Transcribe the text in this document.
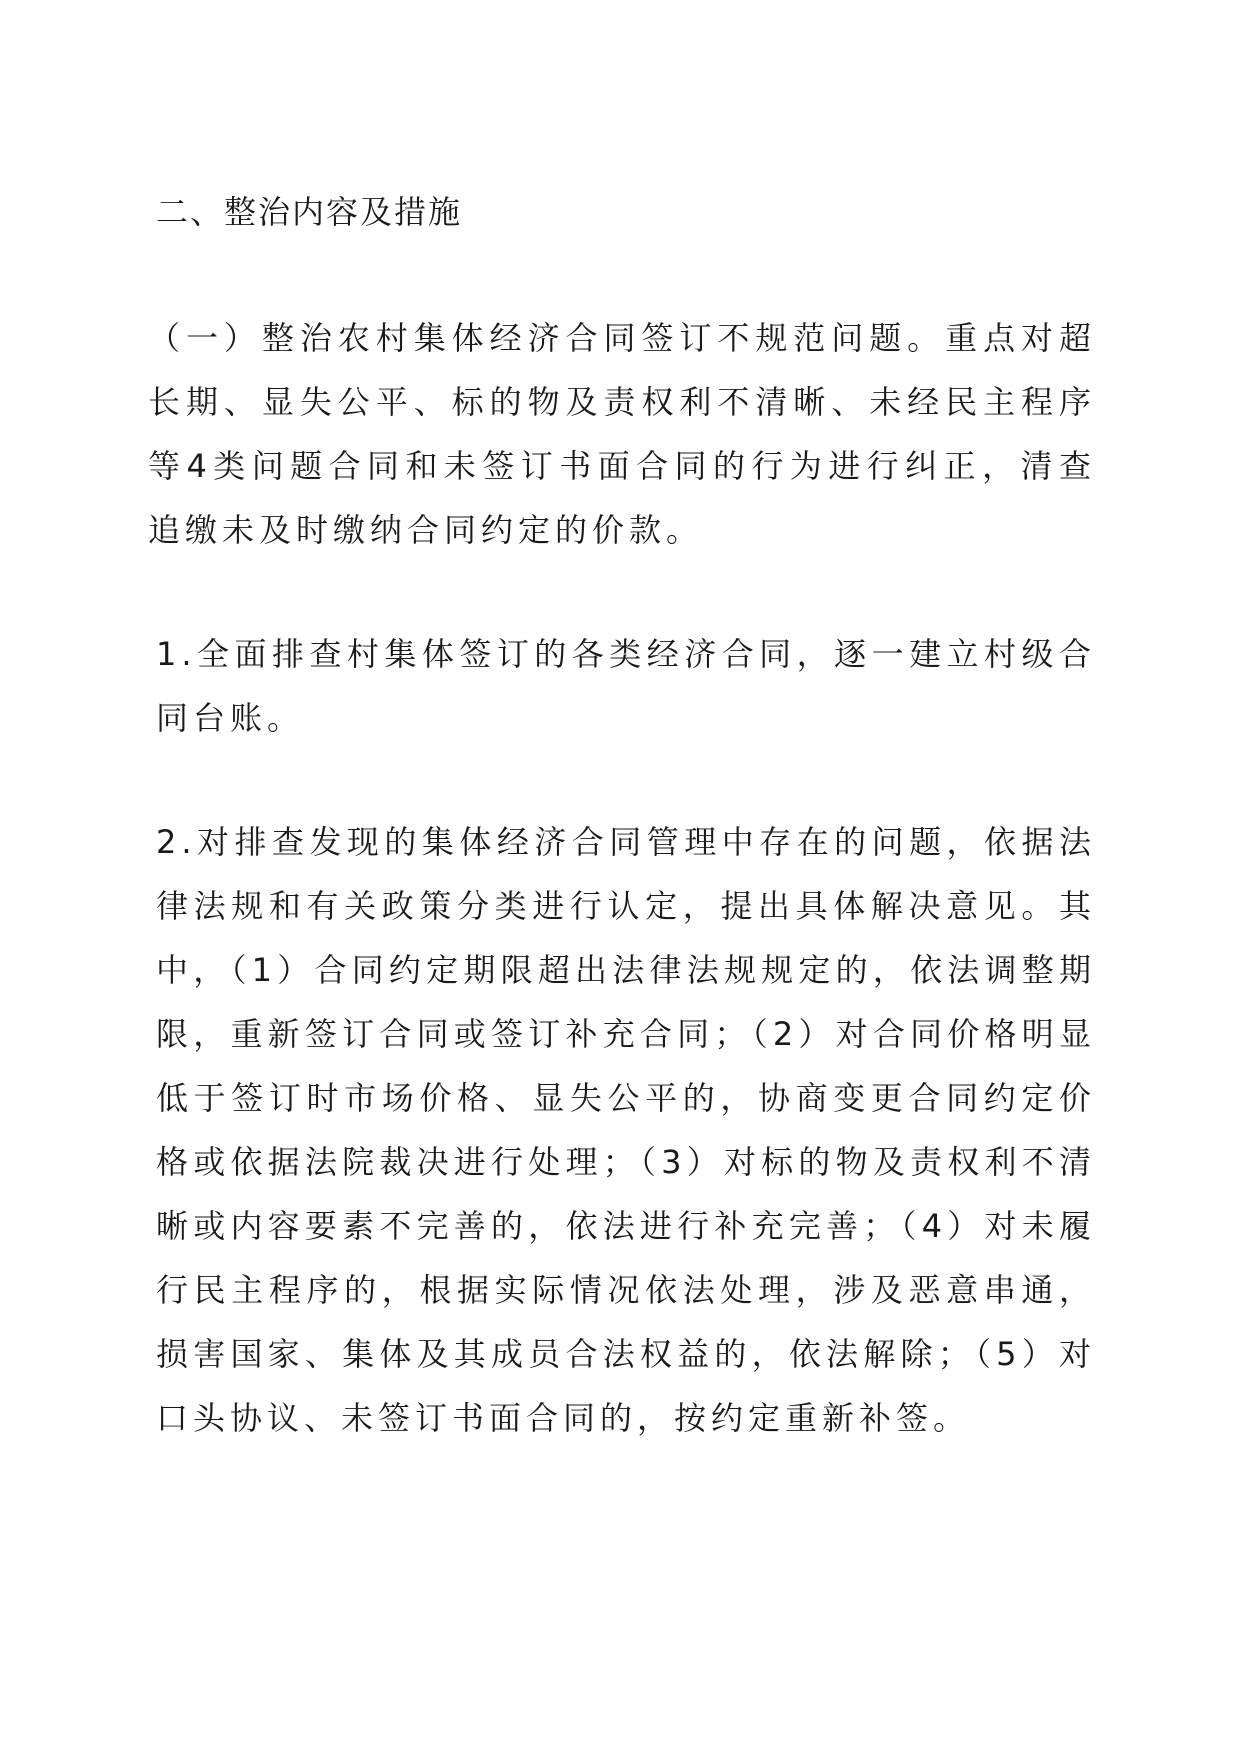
二、整治内容及措施

（一）整治农村集体经济合同签订不规范问题。重点对超长期、显失公平、标的物及责权利不清晰、未经民主程序等4类问题合同和未签订书面合同的行为进行纠正，清查追缴未及时缴纳合同约定的价款。

1.全面排查村集体签订的各类经济合同，逐一建立村级合同台账。

2.对排查发现的集体经济合同管理中存在的问题，依据法律法规和有关政策分类进行认定，提出具体解决意见。其中，（1）合同约定期限超出法律法规规定的，依法调整期限，重新签订合同或签订补充合同；（2）对合同价格明显低于签订时市场价格、显失公平的，协商变更合同约定价格或依据法院裁决进行处理；（3）对标的物及责权利不清晰或内容要素不完善的，依法进行补充完善；（4）对未履行民主程序的，根据实际情况依法处理，涉及恶意串通，损害国家、集体及其成员合法权益的，依法解除；（5）对口头协议、未签订书面合同的，按约定重新补签。
